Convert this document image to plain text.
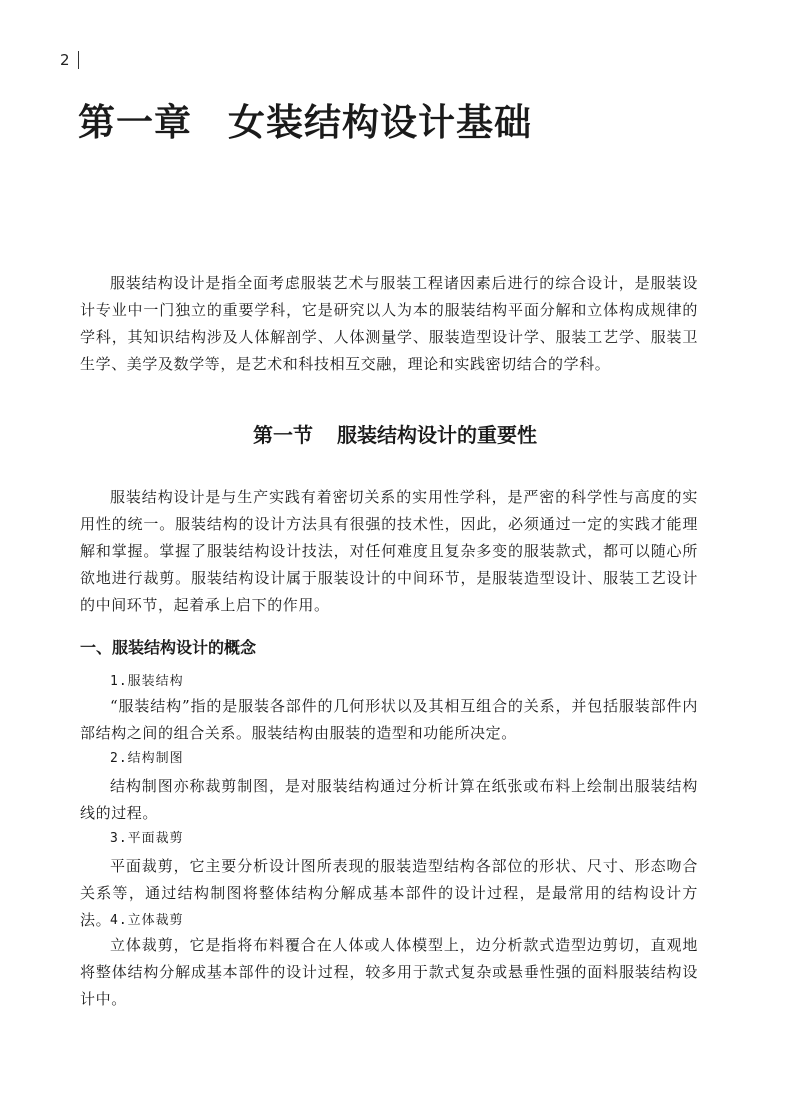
2
第一章 女装结构设计基础

服装结构设计是指全面考虑服装艺术与服装工程诸因素后进行的综合设计，是服装设计专业中一门独立的重要学科，它是研究以人为本的服装结构平面分解和立体构成规律的学科，其知识结构涉及人体解剖学、人体测量学、服装造型设计学、服装工艺学、服装卫生学、美学及数学等，是艺术和科技相互交融，理论和实践密切结合的学科。

第一节 服装结构设计的重要性

服装结构设计是与生产实践有着密切关系的实用性学科，是严密的科学性与高度的实用性的统一。服装结构的设计方法具有很强的技术性，因此，必须通过一定的实践才能理解和掌握。掌握了服装结构设计技法，对任何难度且复杂多变的服装款式，都可以随心所欲地进行裁剪。服装结构设计属于服装设计的中间环节，是服装造型设计、服装工艺设计的中间环节，起着承上启下的作用。

一、服装结构设计的概念
1.服装结构

“服装结构”指的是服装各部件的几何形状以及其相互组合的关系，并包括服装部件内部结构之间的组合关系。服装结构由服装的造型和功能所决定。

2.结构制图

结构制图亦称裁剪制图，是对服装结构通过分析计算在纸张或布料上绘制出服装结构线的过程。

3.平面裁剪

平面裁剪，它主要分析设计图所表现的服装造型结构各部位的形状、尺寸、形态吻合关系等，通过结构制图将整体结构分解成基本部件的设计过程，是最常用的结构设计方法。

4.立体裁剪

立体裁剪，它是指将布料覆合在人体或人体模型上，边分析款式造型边剪切，直观地将整体结构分解成基本部件的设计过程，较多用于款式复杂或悬垂性强的面料服装结构设计中。
